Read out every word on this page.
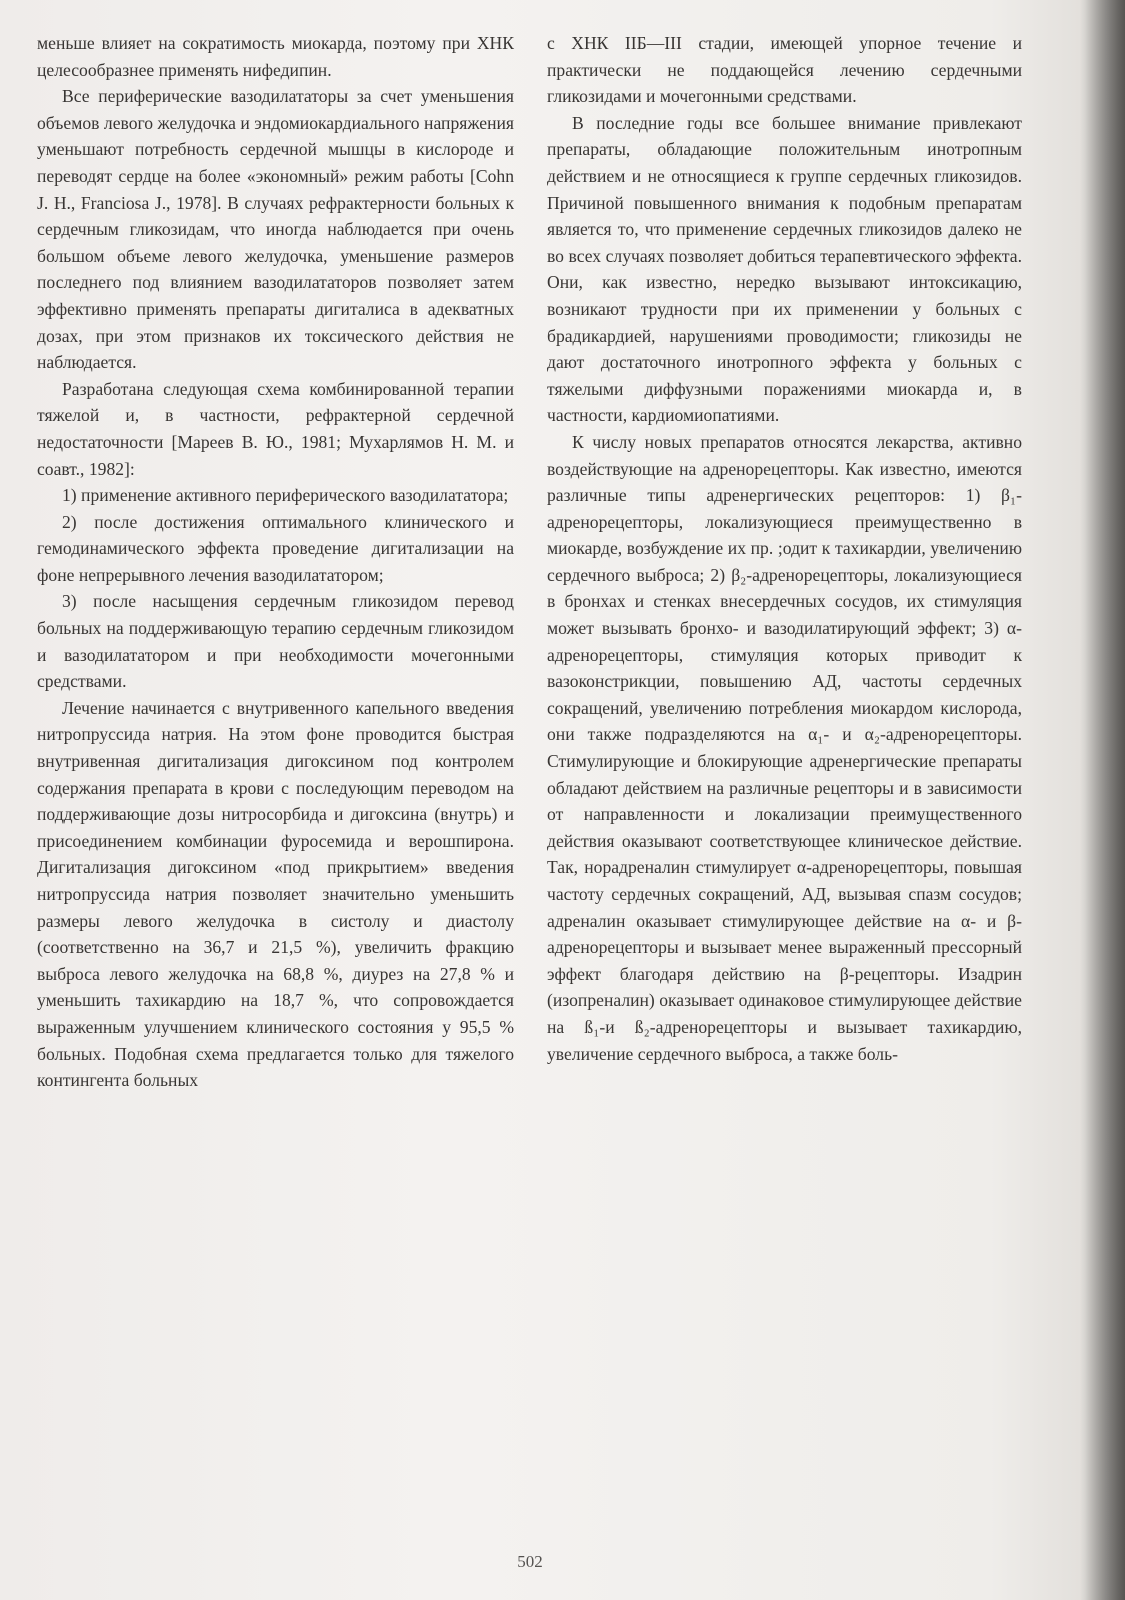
меньше влияет на сократимость миокарда, поэтому при ХНК целесообразнее применять нифедипин.

Все периферические вазодилататоры за счет уменьшения объемов левого желудочка и эндомиокардиального напряжения уменьшают потребность сердечной мышцы в кислороде и переводят сердце на более «экономный» режим работы [Cohn J. H., Franciosa J., 1978]. В случаях рефрактерности больных к сердечным гликозидам, что иногда наблюдается при очень большом объеме левого желудочка, уменьшение размеров последнего под влиянием вазодилататоров позволяет затем эффективно применять препараты дигиталиса в адекватных дозах, при этом признаков их токсического действия не наблюдается.

Разработана следующая схема комбинированной терапии тяжелой и, в частности, рефрактерной сердечной недостаточности [Мареев В. Ю., 1981; Мухарлямов Н. М. и соавт., 1982]:

1) применение активного периферического вазодилататора;

2) после достижения оптимального клинического и гемодинамического эффекта проведение дигитализации на фоне непрерывного лечения вазодилататором;

3) после насыщения сердечным гликозидом перевод больных на поддерживающую терапию сердечным гликозидом и вазодилататором и при необходимости мочегонными средствами.

Лечение начинается с внутривенного капельного введения нитропруссида натрия. На этом фоне проводится быстрая внутривенная дигитализация дигоксином под контролем содержания препарата в крови с последующим переводом на поддерживающие дозы нитросорбида и дигоксина (внутрь) и присоединением комбинации фуросемида и верошпирона. Дигитализация дигоксином «под прикрытием» введения нитропруссида натрия позволяет значительно уменьшить размеры левого желудочка в систолу и диастолу (соответственно на 36,7 и 21,5 %), увеличить фракцию выброса левого желудочка на 68,8 %, диурез на 27,8 % и уменьшить тахикардию на 18,7 %, что сопровождается выраженным улучшением клинического состояния у 95,5 % больных. Подобная схема предлагается только для тяжелого контингента больных

с ХНК IIБ—III стадии, имеющей упорное течение и практически не поддающейся лечению сердечными гликозидами и мочегонными средствами.

В последние годы все большее внимание привлекают препараты, обладающие положительным инотропным действием и не относящиеся к группе сердечных гликозидов. Причиной повышенного внимания к подобным препаратам является то, что применение сердечных гликозидов далеко не во всех случаях позволяет добиться терапевтического эффекта. Они, как известно, нередко вызывают интоксикацию, возникают трудности при их применении у больных с брадикардией, нарушениями проводимости; гликозиды не дают достаточного инотропного эффекта у больных с тяжелыми диффузными поражениями миокарда и, в частности, кардиомиопатиями.

К числу новых препаратов относятся лекарства, активно воздействующие на адренорецепторы. Как известно, имеются различные типы адренергических рецепторов: 1) β₁-адренорецепторы, локализующиеся преимущественно в миокарде, возбуждение их пр. ;одит к тахикардии, увеличению сердечного выброса; 2) β₂-адренорецепторы, локализующиеся в бронхах и стенках внесердечных сосудов, их стимуляция может вызывать бронхо- и вазодилатирующий эффект; 3) α-адренорецепторы, стимуляция которых приводит к вазоконстрикции, повышению АД, частоты сердечных сокращений, увеличению потребления миокардом кислорода, они также подразделяются на α₁- и α₂-адренорецепторы. Стимулирующие и блокирующие адренергические препараты обладают действием на различные рецепторы и в зависимости от направленности и локализации преимущественного действия оказывают соответствующее клиническое действие. Так, норадреналин стимулирует α-адренорецепторы, повышая частоту сердечных сокращений, АД, вызывая спазм сосудов; адреналин оказывает стимулирующее действие на α- и β-адренорецепторы и вызывает менее выраженный прессорный эффект благодаря действию на β-рецепторы. Изадрин (изопреналин) оказывает одинаковое стимулирующее действие на ß₁-и ß₂-адренорецепторы и вызывает тахикардию, увеличение сердечного выброса, а также боль-

502
